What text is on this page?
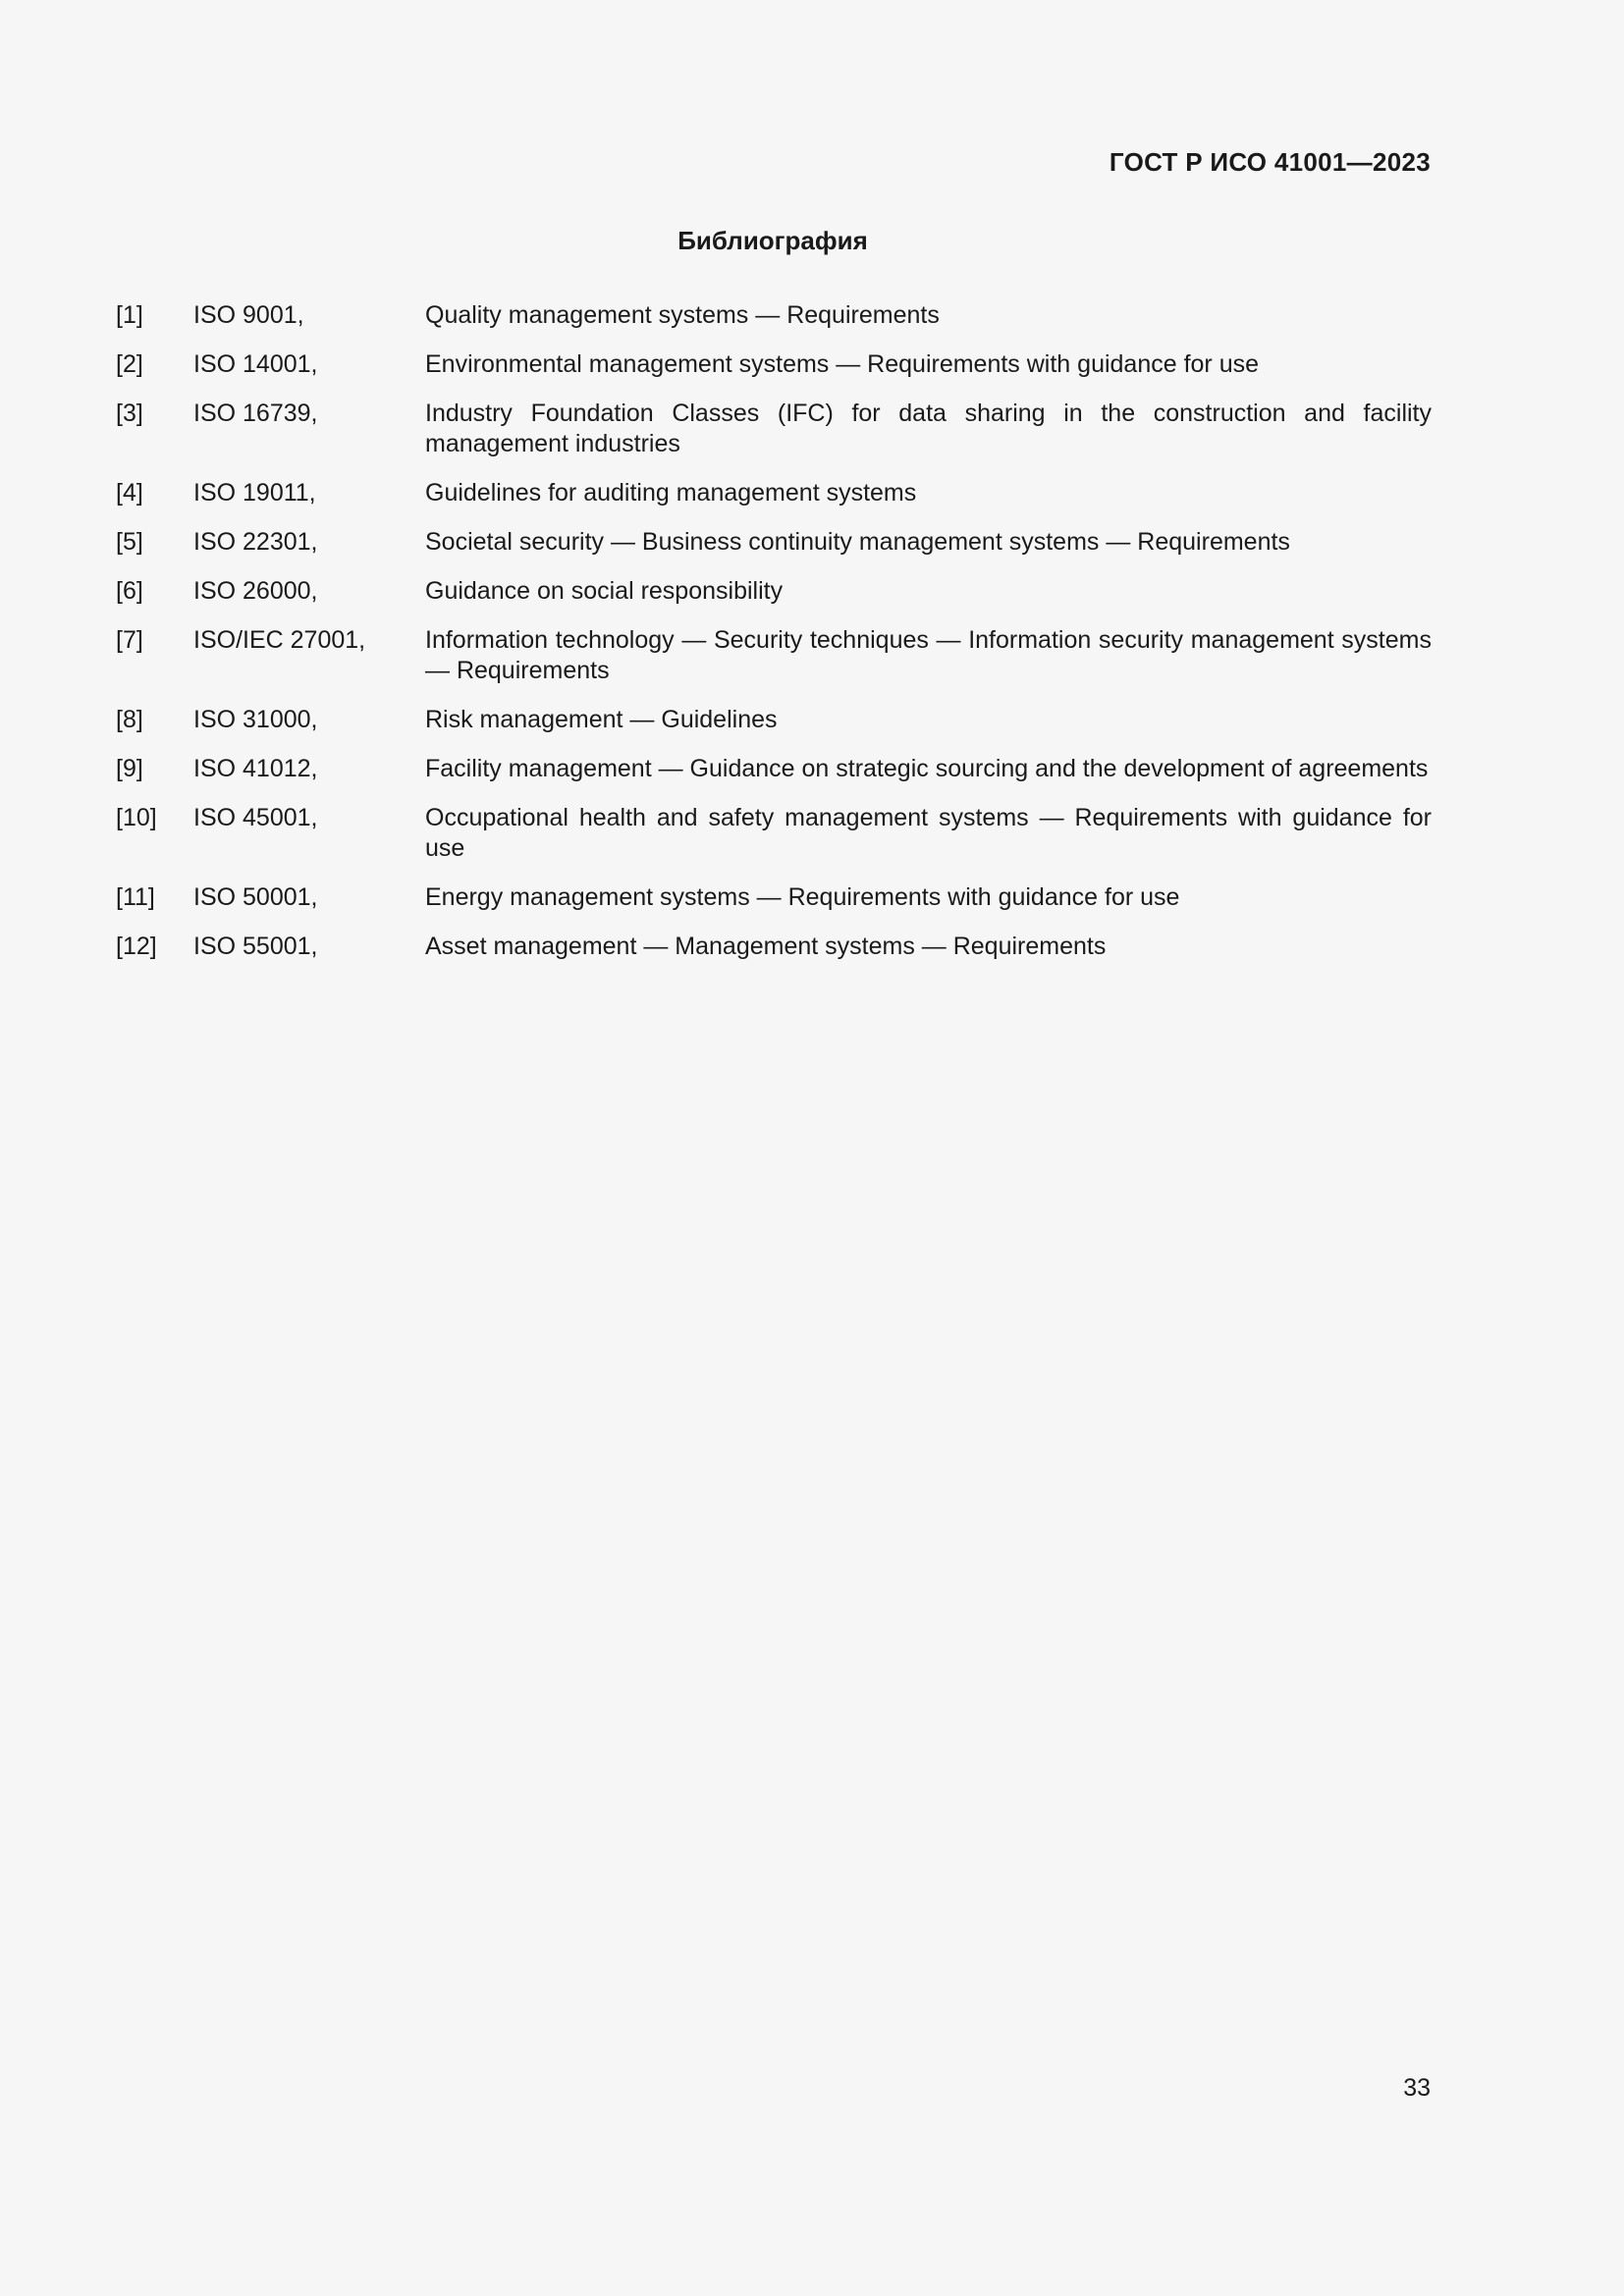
ГОСТ Р ИСО 41001—2023
Библиография
[1]	ISO 9001,	Quality management systems — Requirements
[2]	ISO 14001,	Environmental management systems — Requirements with guidance for use
[3]	ISO 16739,	Industry Foundation Classes (IFC) for data sharing in the construction and facility management industries
[4]	ISO 19011,	Guidelines for auditing management systems
[5]	ISO 22301,	Societal security — Business continuity management systems — Requirements
[6]	ISO 26000,	Guidance on social responsibility
[7]	ISO/IEC 27001,	Information technology — Security techniques — Information security management systems — Requirements
[8]	ISO 31000,	Risk management — Guidelines
[9]	ISO 41012,	Facility management — Guidance on strategic sourcing and the development of agreements
[10]	ISO 45001,	Occupational health and safety management systems — Requirements with guidance for use
[11]	ISO 50001,	Energy management systems — Requirements with guidance for use
[12]	ISO 55001,	Asset management — Management systems — Requirements
33
